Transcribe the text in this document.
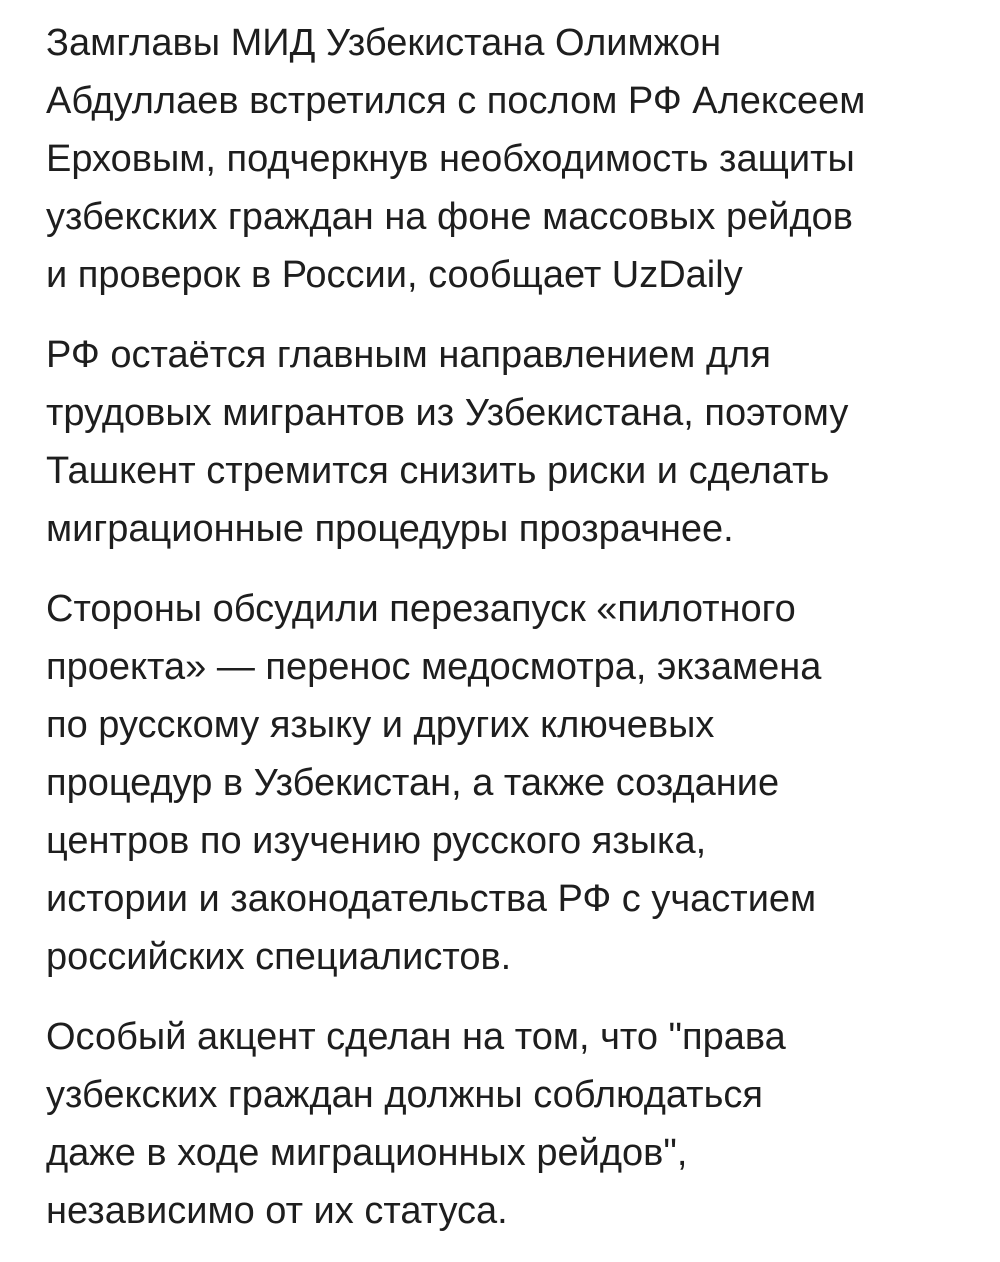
Замглавы МИД Узбекистана Олимжон
Абдуллаев встретился с послом РФ Алексеем
Ерховым, подчеркнув необходимость защиты
узбекских граждан на фоне массовых рейдов
и проверок в России, сообщает UzDaily

РФ остаётся главным направлением для
трудовых мигрантов из Узбекистана, поэтому
Ташкент стремится снизить риски и сделать
миграционные процедуры прозрачнее.

Стороны обсудили перезапуск «пилотного
проекта» — перенос медосмотра, экзамена
по русскому языку и других ключевых
процедур в Узбекистан, а также создание
центров по изучению русского языка,
истории и законодательства РФ с участием
российских специалистов.

Особый акцент сделан на том, что "права
узбекских граждан должны соблюдаться
даже в ходе миграционных рейдов",
независимо от их статуса.
